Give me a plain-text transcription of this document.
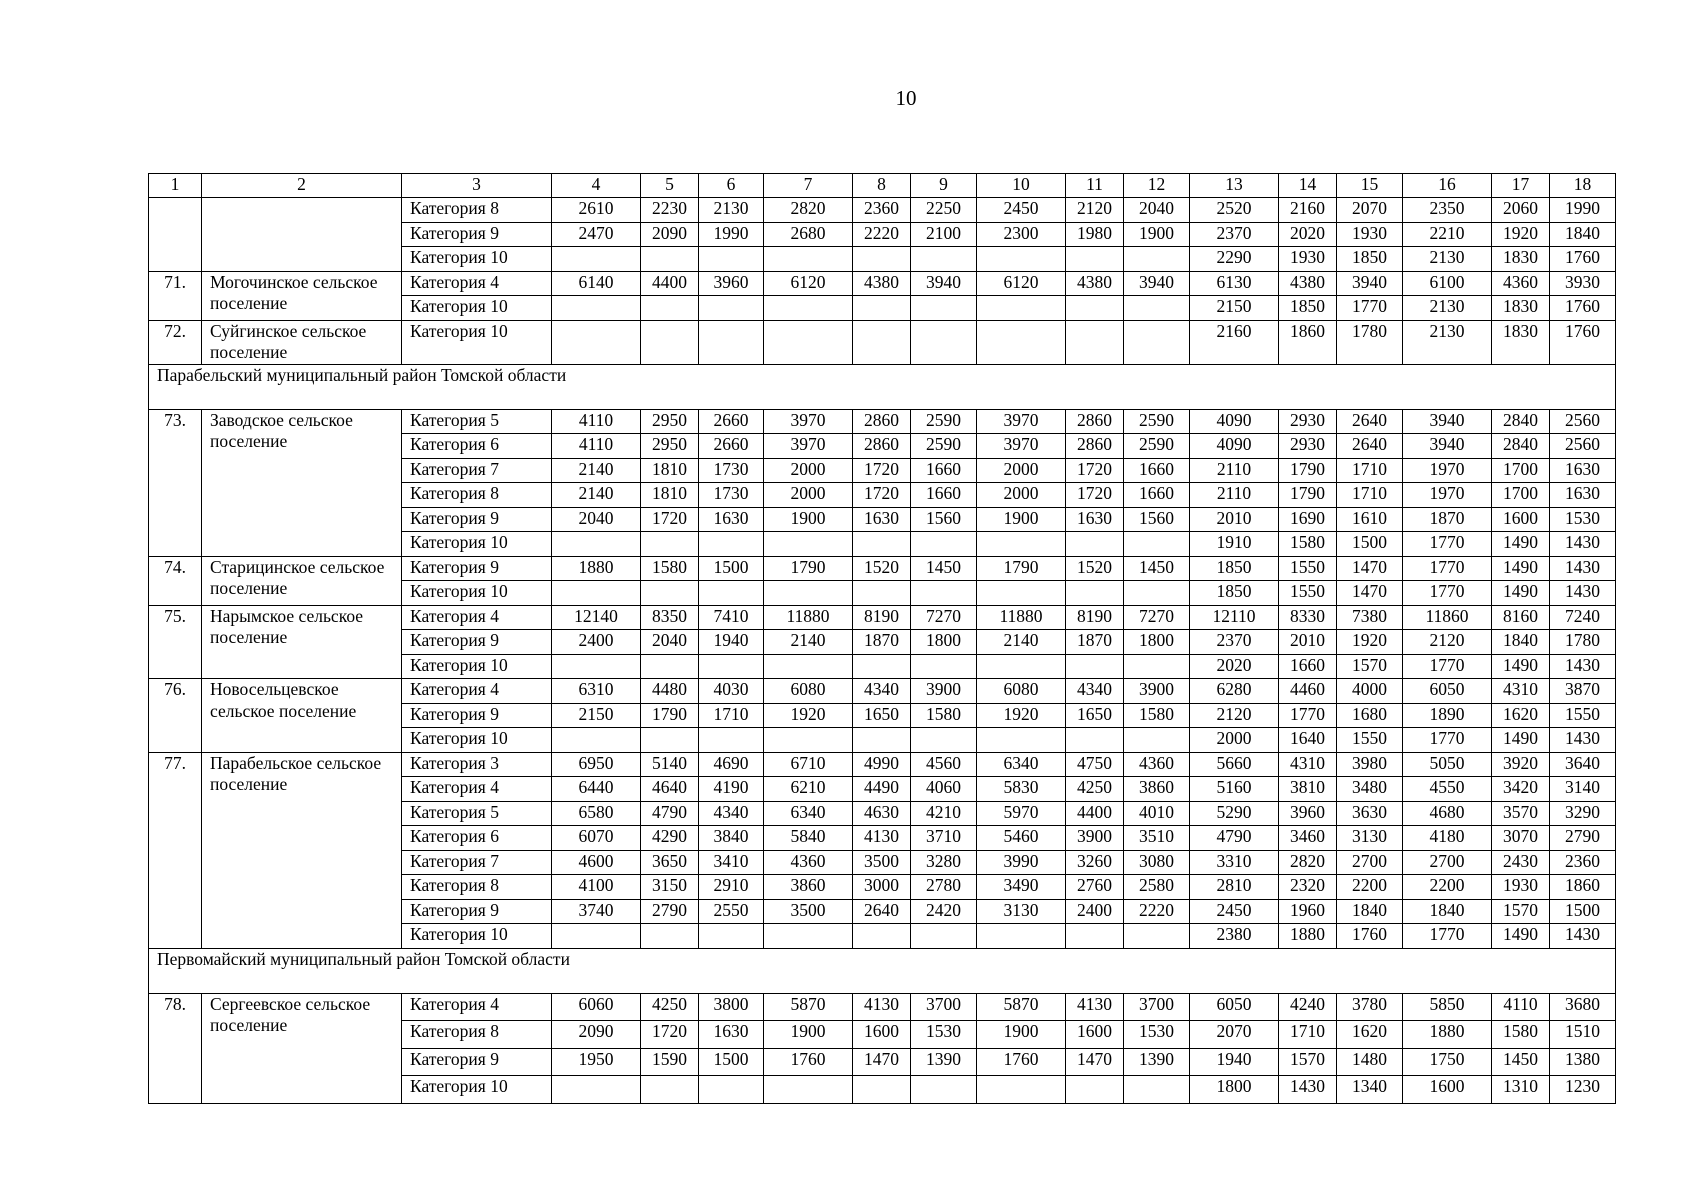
10
1	2	3	4	5	6	7	8	9	10	11	12	13	14	15	16	17	18
		Категория 8	2610	2230	2130	2820	2360	2250	2450	2120	2040	2520	2160	2070	2350	2060	1990
		Категория 9	2470	2090	1990	2680	2220	2100	2300	1980	1900	2370	2020	1930	2210	1920	1840
		Категория 10										2290	1930	1850	2130	1830	1760
71.	Могочинское сельское поселение	Категория 4	6140	4400	3960	6120	4380	3940	6120	4380	3940	6130	4380	3940	6100	4360	3930
		Категория 10										2150	1850	1770	2130	1830	1760
72.	Суйгинское сельское поселение	Категория 10										2160	1860	1780	2130	1830	1760
Парабельский муниципальный район Томской области																	
73.	Заводское сельское поселение	Категория 5	4110	2950	2660	3970	2860	2590	3970	2860	2590	4090	2930	2640	3940	2840	2560
		Категория 6	4110	2950	2660	3970	2860	2590	3970	2860	2590	4090	2930	2640	3940	2840	2560
		Категория 7	2140	1810	1730	2000	1720	1660	2000	1720	1660	2110	1790	1710	1970	1700	1630
		Категория 8	2140	1810	1730	2000	1720	1660	2000	1720	1660	2110	1790	1710	1970	1700	1630
		Категория 9	2040	1720	1630	1900	1630	1560	1900	1630	1560	2010	1690	1610	1870	1600	1530
		Категория 10										1910	1580	1500	1770	1490	1430
74.	Старицинское сельское поселение	Категория 9	1880	1580	1500	1790	1520	1450	1790	1520	1450	1850	1550	1470	1770	1490	1430
		Категория 10										1850	1550	1470	1770	1490	1430
75.	Нарымское сельское поселение	Категория 4	12140	8350	7410	11880	8190	7270	11880	8190	7270	12110	8330	7380	11860	8160	7240
		Категория 9	2400	2040	1940	2140	1870	1800	2140	1870	1800	2370	2010	1920	2120	1840	1780
		Категория 10										2020	1660	1570	1770	1490	1430
76.	Новосельцевское сельское поселение	Категория 4	6310	4480	4030	6080	4340	3900	6080	4340	3900	6280	4460	4000	6050	4310	3870
		Категория 9	2150	1790	1710	1920	1650	1580	1920	1650	1580	2120	1770	1680	1890	1620	1550
		Категория 10										2000	1640	1550	1770	1490	1430
77.	Парабельское сельское поселение	Категория 3	6950	5140	4690	6710	4990	4560	6340	4750	4360	5660	4310	3980	5050	3920	3640
		Категория 4	6440	4640	4190	6210	4490	4060	5830	4250	3860	5160	3810	3480	4550	3420	3140
		Категория 5	6580	4790	4340	6340	4630	4210	5970	4400	4010	5290	3960	3630	4680	3570	3290
		Категория 6	6070	4290	3840	5840	4130	3710	5460	3900	3510	4790	3460	3130	4180	3070	2790
		Категория 7	4600	3650	3410	4360	3500	3280	3990	3260	3080	3310	2820	2700	2700	2430	2360
		Категория 8	4100	3150	2910	3860	3000	2780	3490	2760	2580	2810	2320	2200	2200	1930	1860
		Категория 9	3740	2790	2550	3500	2640	2420	3130	2400	2220	2450	1960	1840	1840	1570	1500
		Категория 10										2380	1880	1760	1770	1490	1430
Первомайский муниципальный район Томской области																	
78.	Сергеевское сельское поселение	Категория 4	6060	4250	3800	5870	4130	3700	5870	4130	3700	6050	4240	3780	5850	4110	3680
		Категория 8	2090	1720	1630	1900	1600	1530	1900	1600	1530	2070	1710	1620	1880	1580	1510
		Категория 9	1950	1590	1500	1760	1470	1390	1760	1470	1390	1940	1570	1480	1750	1450	1380
		Категория 10										1800	1430	1340	1600	1310	1230
